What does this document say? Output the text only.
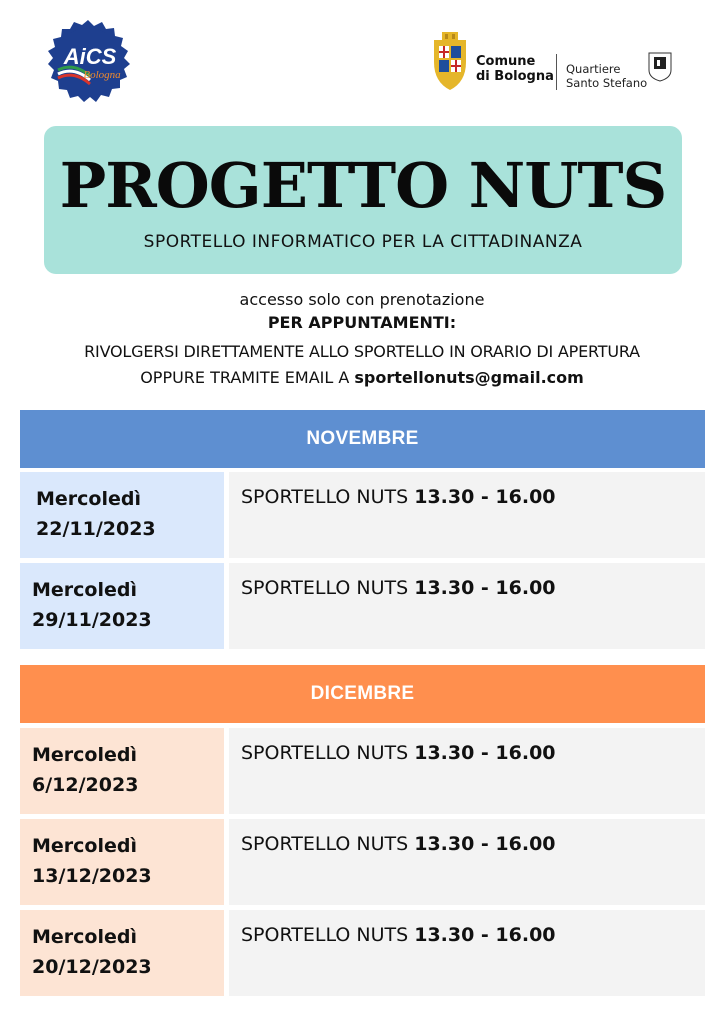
AiCS
Bologna
Comune
di Bologna Quartiere
Santo Stefano
PROGETTO NUTS
SPORTELLO INFORMATICO PER LA CITTADINANZA
accesso solo con prenotazione
PER APPUNTAMENTI:
RIVOLGERSI DIRETTAMENTE ALLO SPORTELLO IN ORARIO DI APERTURA
OPPURE TRAMITE EMAIL A sportellonuts@gmail.com
NOVEMBRE
Mercoledì
22/11/2023
SPORTELLO NUTS 13.30 - 16.00
Mercoledì
29/11/2023
SPORTELLO NUTS 13.30 - 16.00
DICEMBRE
Mercoledì
6/12/2023
SPORTELLO NUTS 13.30 - 16.00
Mercoledì
13/12/2023
SPORTELLO NUTS 13.30 - 16.00
Mercoledì
20/12/2023
SPORTELLO NUTS 13.30 - 16.00
